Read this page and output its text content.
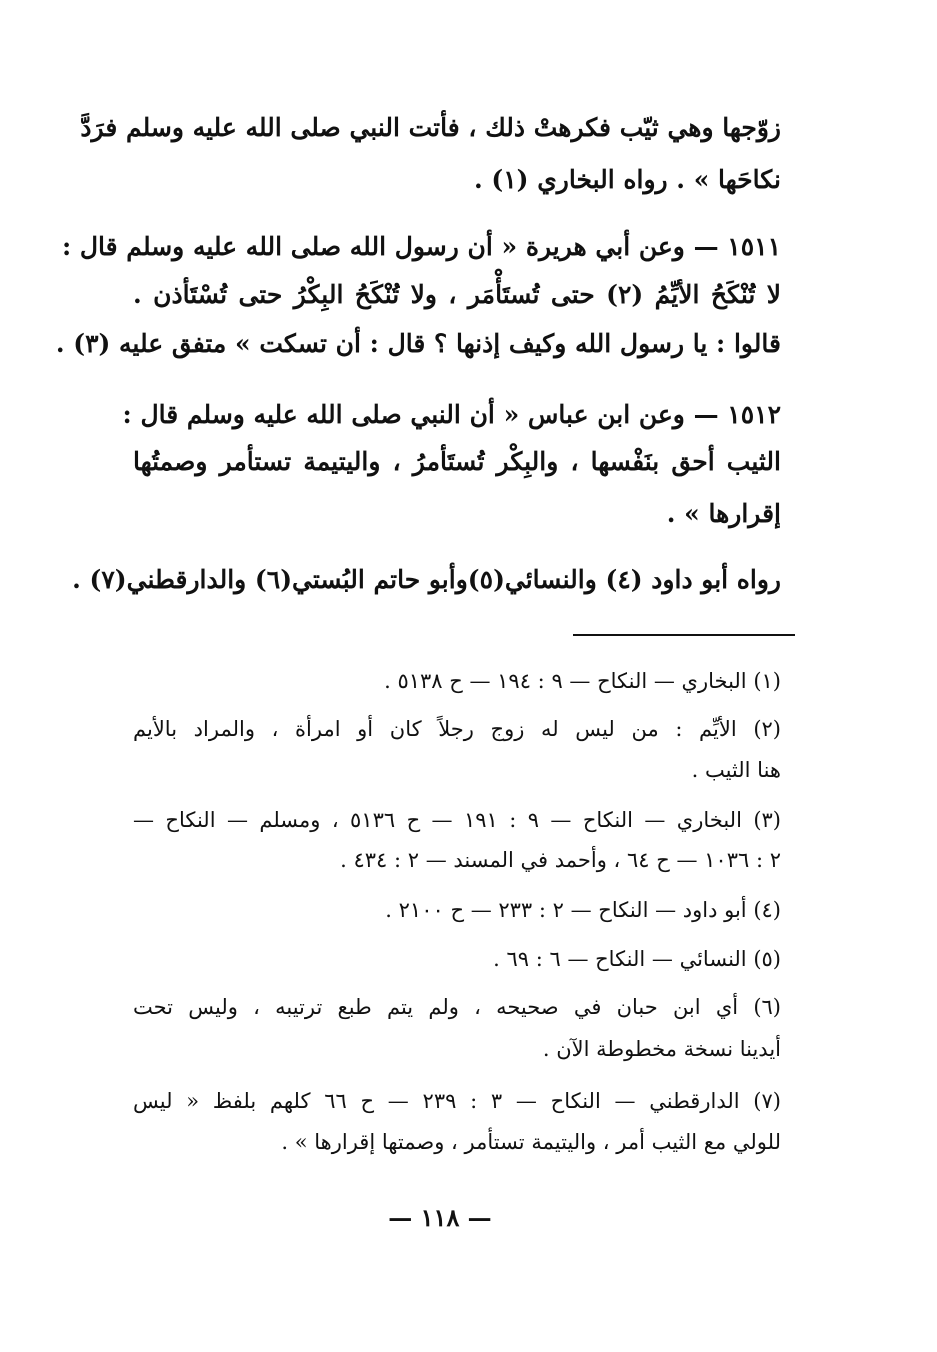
زوّجها وهي ثيّب فكرهتْ ذلك ، فأتت النبي صلى الله عليه وسلم فرَدَّ
نكاحَها » . رواه البخاري (١) .
١٥١١ — وعن أبي هريرة « أن رسول الله صلى الله عليه وسلم قال :
لا تُنْكَحُ الأيِّمُ (٢) حتى تُستَأْمَر ، ولا تُنْكَحُ البِكْرُ حتى تُسْتَأذن .
قالوا : يا رسول الله وكيف إذنها ؟ قال : أن تسكت » متفق عليه (٣) .
١٥١٢ — وعن ابن عباس « أن النبي صلى الله عليه وسلم قال :
الثيب أحق بنَفْسها ، والبِكْر تُستَأمرُ ، واليتيمة تستأمر وصمتُها
إقرارها » .
رواه أبو داود (٤) والنسائي(٥)وأبو حاتم البُستي(٦) والدارقطني(٧) .
(١) البخاري — النكاح — ٩ : ١٩٤ — ح ٥١٣٨ .
(٢) الأيِّم : من ليس له زوج رجلاً كان أو امرأة ، والمراد بالأيم
هنا الثيب .
(٣) البخاري — النكاح — ٩ : ١٩١ — ح ٥١٣٦ ، ومسلم — النكاح —
٢ : ١٠٣٦ — ح ٦٤ ، وأحمد في المسند — ٢ : ٤٣٤ .
(٤) أبو داود — النكاح — ٢ : ٢٣٣ — ح ٢١٠٠ .
(٥) النسائي — النكاح — ٦ : ٦٩ .
(٦) أي ابن حبان في صحيحه ، ولم يتم طبع ترتيبه ، وليس تحت
أيدينا نسخة مخطوطة الآن .
(٧) الدارقطني — النكاح — ٣ : ٢٣٩ — ح ٦٦ كلهم بلفظ « ليس
للولي مع الثيب أمر ، واليتيمة تستأمر ، وصمتها إقرارها » .
— ١١٨ —
